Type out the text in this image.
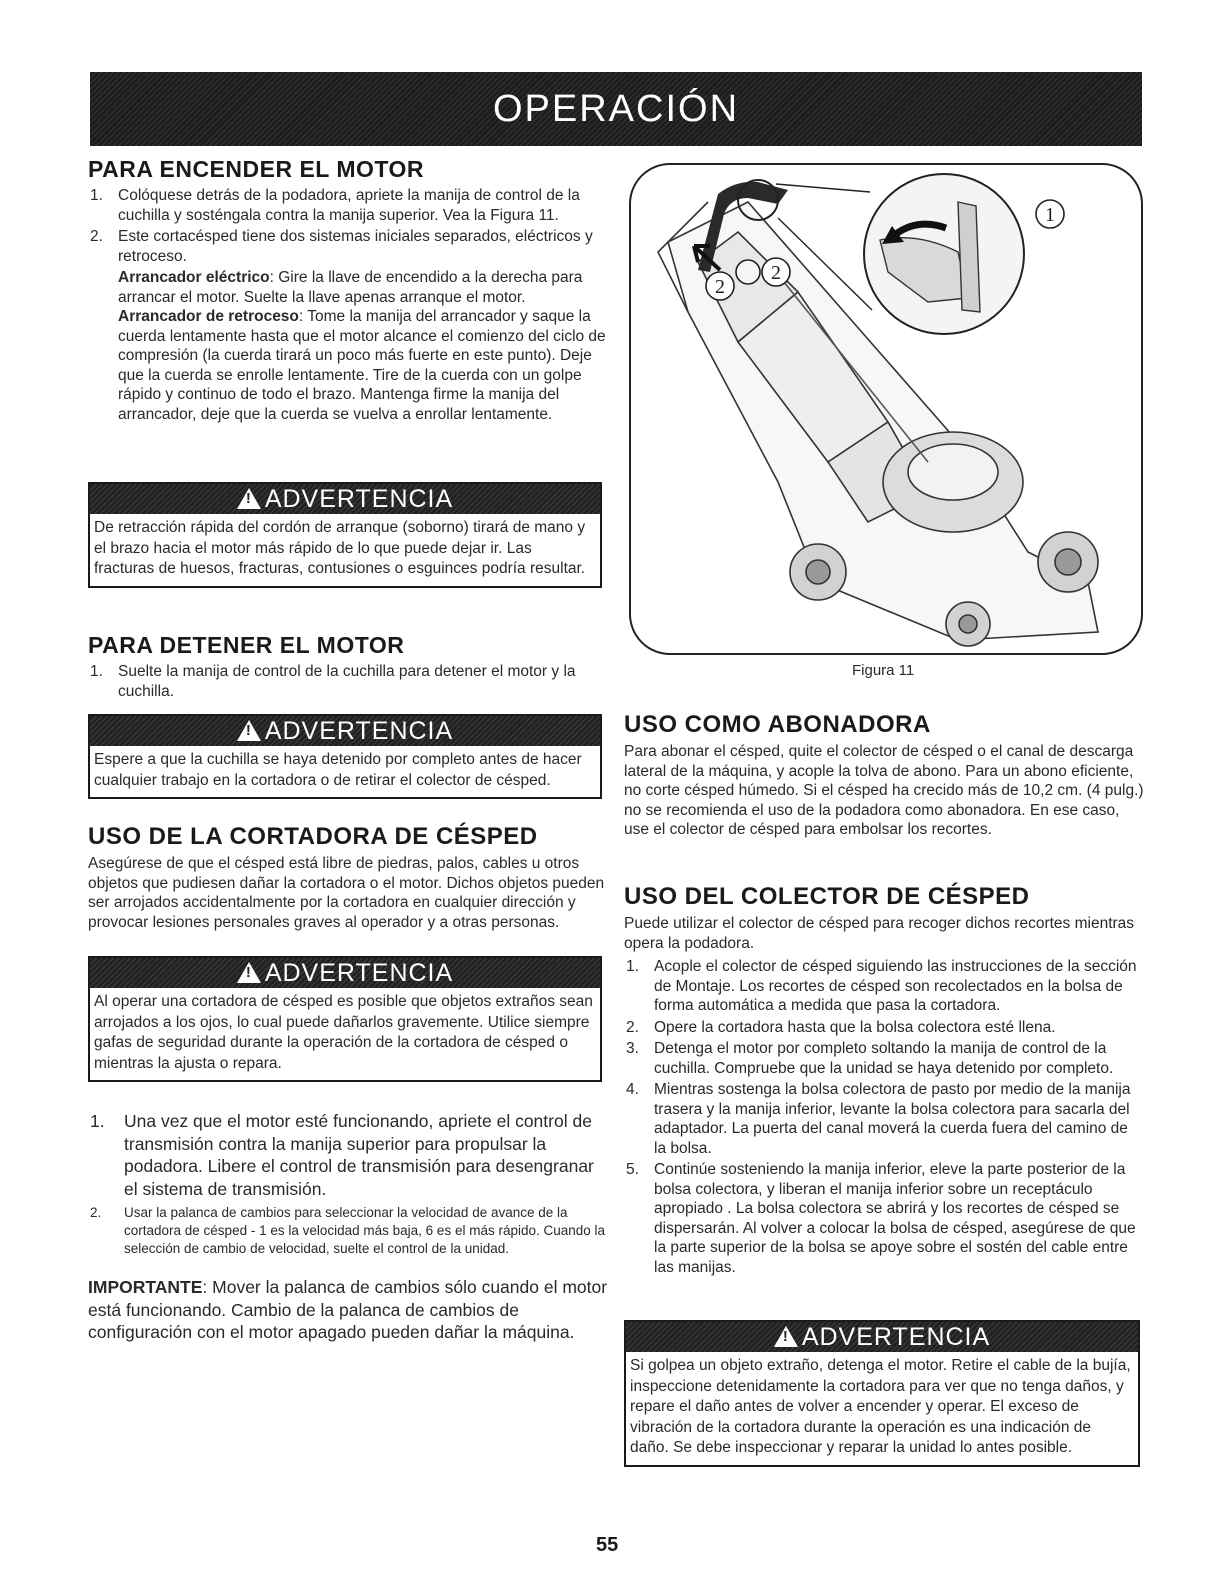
OPERACIÓN
PARA ENCENDER EL MOTOR
1. Colóquese detrás de la podadora, apriete la manija de control de la cuchilla y sosténgala contra la manija superior. Vea la Figura 11.
2. Este cortacésped tiene dos sistemas iniciales separados, eléctricos y retroceso.
Arrancador eléctrico: Gire la llave de encendido a la derecha para arrancar el motor. Suelte la llave apenas arranque el motor.
Arrancador de retroceso: Tome la manija del arrancador y saque la cuerda lentamente hasta que el motor alcance el comienzo del ciclo de compresión (la cuerda tirará un poco más fuerte en este punto). Deje que la cuerda se enrolle lentamente. Tire de la cuerda con un golpe rápido y continuo de todo el brazo. Mantenga firme la manija del arrancador, deje que la cuerda se vuelva a enrollar lentamente.
!
ADVERTENCIA
De retracción rápida del cordón de arranque (soborno) tirará de mano y el brazo hacia el motor más rápido de lo que puede dejar ir. Las fracturas de huesos, fracturas, contusiones o esguinces podría resultar.
PARA DETENER EL MOTOR
1. Suelte la manija de control de la cuchilla para detener el motor y la cuchilla.
!
ADVERTENCIA
Espere a que la cuchilla se haya detenido por completo antes de hacer cualquier trabajo en la cortadora o de retirar el colector de césped.
USO DE LA CORTADORA DE CÉSPED
Asegúrese de que el césped está libre de piedras, palos, cables u otros objetos que pudiesen dañar la cortadora o el motor. Dichos objetos pueden ser arrojados accidentalmente por la cortadora en cualquier dirección y provocar lesiones personales graves al operador y a otras personas.
!
ADVERTENCIA
Al operar una cortadora de césped es posible que objetos extraños sean arrojados a los ojos, lo cual puede dañarlos gravemente. Utilice siempre gafas de seguridad durante la operación de la cortadora de césped o mientras la ajusta o repara.
1. Una vez que el motor esté funcionando, apriete el control de transmisión contra la manija superior para propulsar la podadora. Libere el control de transmisión para desengranar el sistema de transmisión.
2. Usar la palanca de cambios para seleccionar la velocidad de avance de la cortadora de césped - 1 es la velocidad más baja, 6 es el más rápido. Cuando la selección de cambio de velocidad, suelte el control de la unidad.
IMPORTANTE: Mover la palanca de cambios sólo cuando el motor está funcionando. Cambio de la palanca de cambios de configuración con el motor apagado pueden dañar la máquina.
1
2
2
Figura 11
USO COMO ABONADORA
Para abonar el césped, quite el colector de césped o el canal de descarga lateral de la máquina, y acople la tolva de abono. Para un abono eficiente, no corte césped húmedo. Si el césped ha crecido más de 10,2 cm. (4 pulg.) no se recomienda el uso de la podadora como abonadora. En ese caso, use el colector de césped para embolsar los recortes.
USO DEL COLECTOR DE CÉSPED
Puede utilizar el colector de césped para recoger dichos recortes mientras opera la podadora.
1. Acople el colector de césped siguiendo las instrucciones de la sección de Montaje. Los recortes de césped son recolectados en la bolsa de forma automática a medida que pasa la cortadora.
2. Opere la cortadora hasta que la bolsa colectora esté llena.
3. Detenga el motor por completo soltando la manija de control de la cuchilla. Compruebe que la unidad se haya detenido por completo.
4. Mientras sostenga la bolsa colectora de pasto por medio de la manija trasera y la manija inferior, levante la bolsa colectora para sacarla del adaptador. La puerta del canal moverá la cuerda fuera del camino de la bolsa.
5. Continúe sosteniendo la manija inferior, eleve la parte posterior de la bolsa colectora, y liberan el manija inferior sobre un receptáculo apropiado . La bolsa colectora se abrirá y los recortes de césped se dispersarán. Al volver a colocar la bolsa de césped, asegúrese de que la parte superior de la bolsa se apoye sobre el sostén del cable entre las manijas.
!
ADVERTENCIA
Si golpea un objeto extraño, detenga el motor. Retire el cable de la bujía, inspeccione detenidamente la cortadora para ver que no tenga daños, y repare el daño antes de volver a encender y operar. El exceso de vibración de la cortadora durante la operación es una indicación de daño. Se debe inspeccionar y reparar la unidad lo antes posible.
55
